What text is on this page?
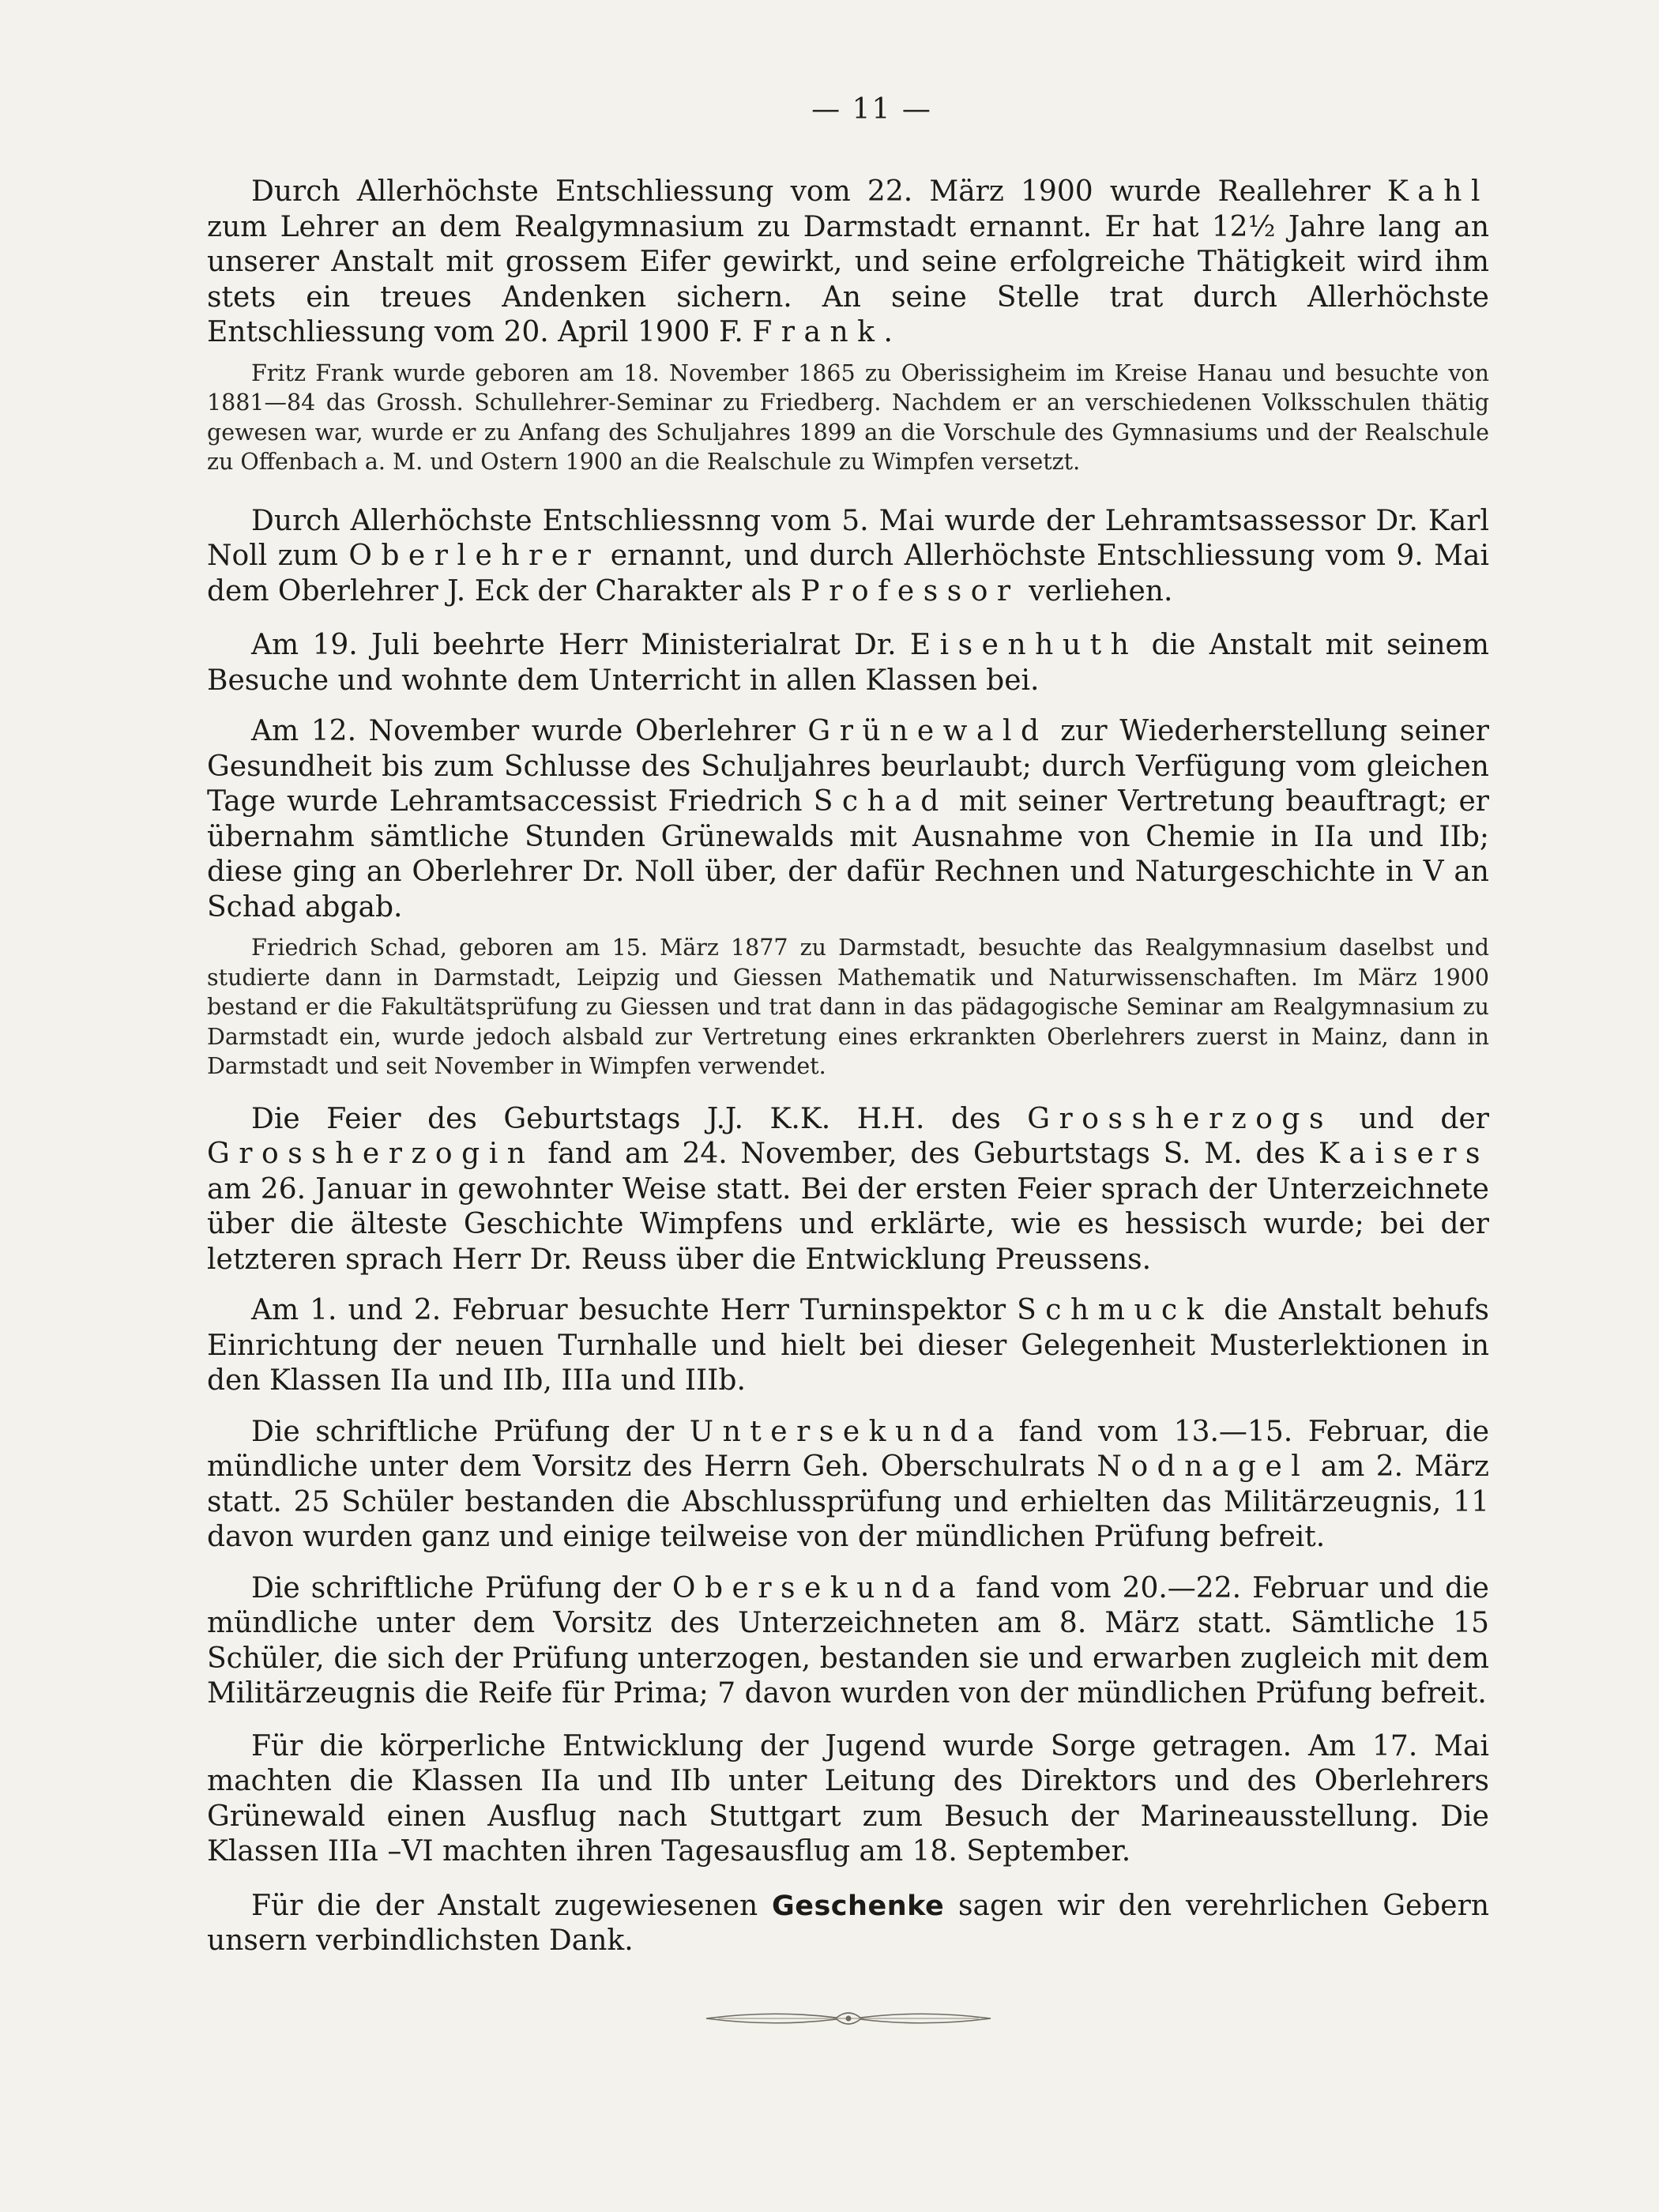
— 11 —

Durch Allerhöchste Entschliessung vom 22. März 1900 wurde Reallehrer Kahl zum Lehrer an dem Realgymnasium zu Darmstadt ernannt. Er hat 12½ Jahre lang an unserer Anstalt mit grossem Eifer gewirkt, und seine erfolgreiche Thätigkeit wird ihm stets ein treues Andenken sichern. An seine Stelle trat durch Allerhöchste Entschliessung vom 20. April 1900 F. Frank.

Fritz Frank wurde geboren am 18. November 1865 zu Oberissigheim im Kreise Hanau und besuchte von 1881—84 das Grossh. Schullehrer-Seminar zu Friedberg. Nachdem er an verschiedenen Volksschulen thätig gewesen war, wurde er zu Anfang des Schuljahres 1899 an die Vorschule des Gymnasiums und der Realschule zu Offenbach a. M. und Ostern 1900 an die Realschule zu Wimpfen versetzt.

Durch Allerhöchste Entschliessnng vom 5. Mai wurde der Lehramtsassessor Dr. Karl Noll zum Oberlehrer ernannt, und durch Allerhöchste Entschliessung vom 9. Mai dem Oberlehrer J. Eck der Charakter als Professor verliehen.

Am 19. Juli beehrte Herr Ministerialrat Dr. Eisenhuth die Anstalt mit seinem Besuche und wohnte dem Unterricht in allen Klassen bei.

Am 12. November wurde Oberlehrer Grünewald zur Wiederherstellung seiner Gesundheit bis zum Schlusse des Schuljahres beurlaubt; durch Verfügung vom gleichen Tage wurde Lehramtsaccessist Friedrich Schad mit seiner Vertretung beauftragt; er übernahm sämtliche Stunden Grünewalds mit Ausnahme von Chemie in IIa und IIb; diese ging an Oberlehrer Dr. Noll über, der dafür Rechnen und Naturgeschichte in V an Schad abgab.

Friedrich Schad, geboren am 15. März 1877 zu Darmstadt, besuchte das Realgymnasium daselbst und studierte dann in Darmstadt, Leipzig und Giessen Mathematik und Naturwissenschaften. Im März 1900 bestand er die Fakultätsprüfung zu Giessen und trat dann in das pädagogische Seminar am Realgymnasium zu Darmstadt ein, wurde jedoch alsbald zur Vertretung eines erkrankten Oberlehrers zuerst in Mainz, dann in Darmstadt und seit November in Wimpfen verwendet.

Die Feier des Geburtstags J.J. K.K. H.H. des Grossherzogs und der Grossherzogin fand am 24. November, des Geburtstags S. M. des Kaisers am 26. Januar in gewohnter Weise statt. Bei der ersten Feier sprach der Unterzeichnete über die älteste Geschichte Wimpfens und erklärte, wie es hessisch wurde; bei der letzteren sprach Herr Dr. Reuss über die Entwicklung Preussens.

Am 1. und 2. Februar besuchte Herr Turninspektor Schmuck die Anstalt behufs Einrichtung der neuen Turnhalle und hielt bei dieser Gelegenheit Musterlektionen in den Klassen IIa und IIb, IIIa und IIIb.

Die schriftliche Prüfung der Untersekunda fand vom 13.—15. Februar, die mündliche unter dem Vorsitz des Herrn Geh. Oberschulrats Nodnagel am 2. März statt. 25 Schüler bestanden die Abschlussprüfung und erhielten das Militärzeugnis, 11 davon wurden ganz und einige teilweise von der mündlichen Prüfung befreit.

Die schriftliche Prüfung der Obersekunda fand vom 20.—22. Februar und die mündliche unter dem Vorsitz des Unterzeichneten am 8. März statt. Sämtliche 15 Schüler, die sich der Prüfung unterzogen, bestanden sie und erwarben zugleich mit dem Militärzeugnis die Reife für Prima; 7 davon wurden von der mündlichen Prüfung befreit.

Für die körperliche Entwicklung der Jugend wurde Sorge getragen. Am 17. Mai machten die Klassen IIa und IIb unter Leitung des Direktors und des Oberlehrers Grünewald einen Ausflug nach Stuttgart zum Besuch der Marineausstellung. Die Klassen IIIa –VI machten ihren Tagesausflug am 18. September.

Für die der Anstalt zugewiesenen Geschenke sagen wir den verehrlichen Gebern unsern verbindlichsten Dank.
